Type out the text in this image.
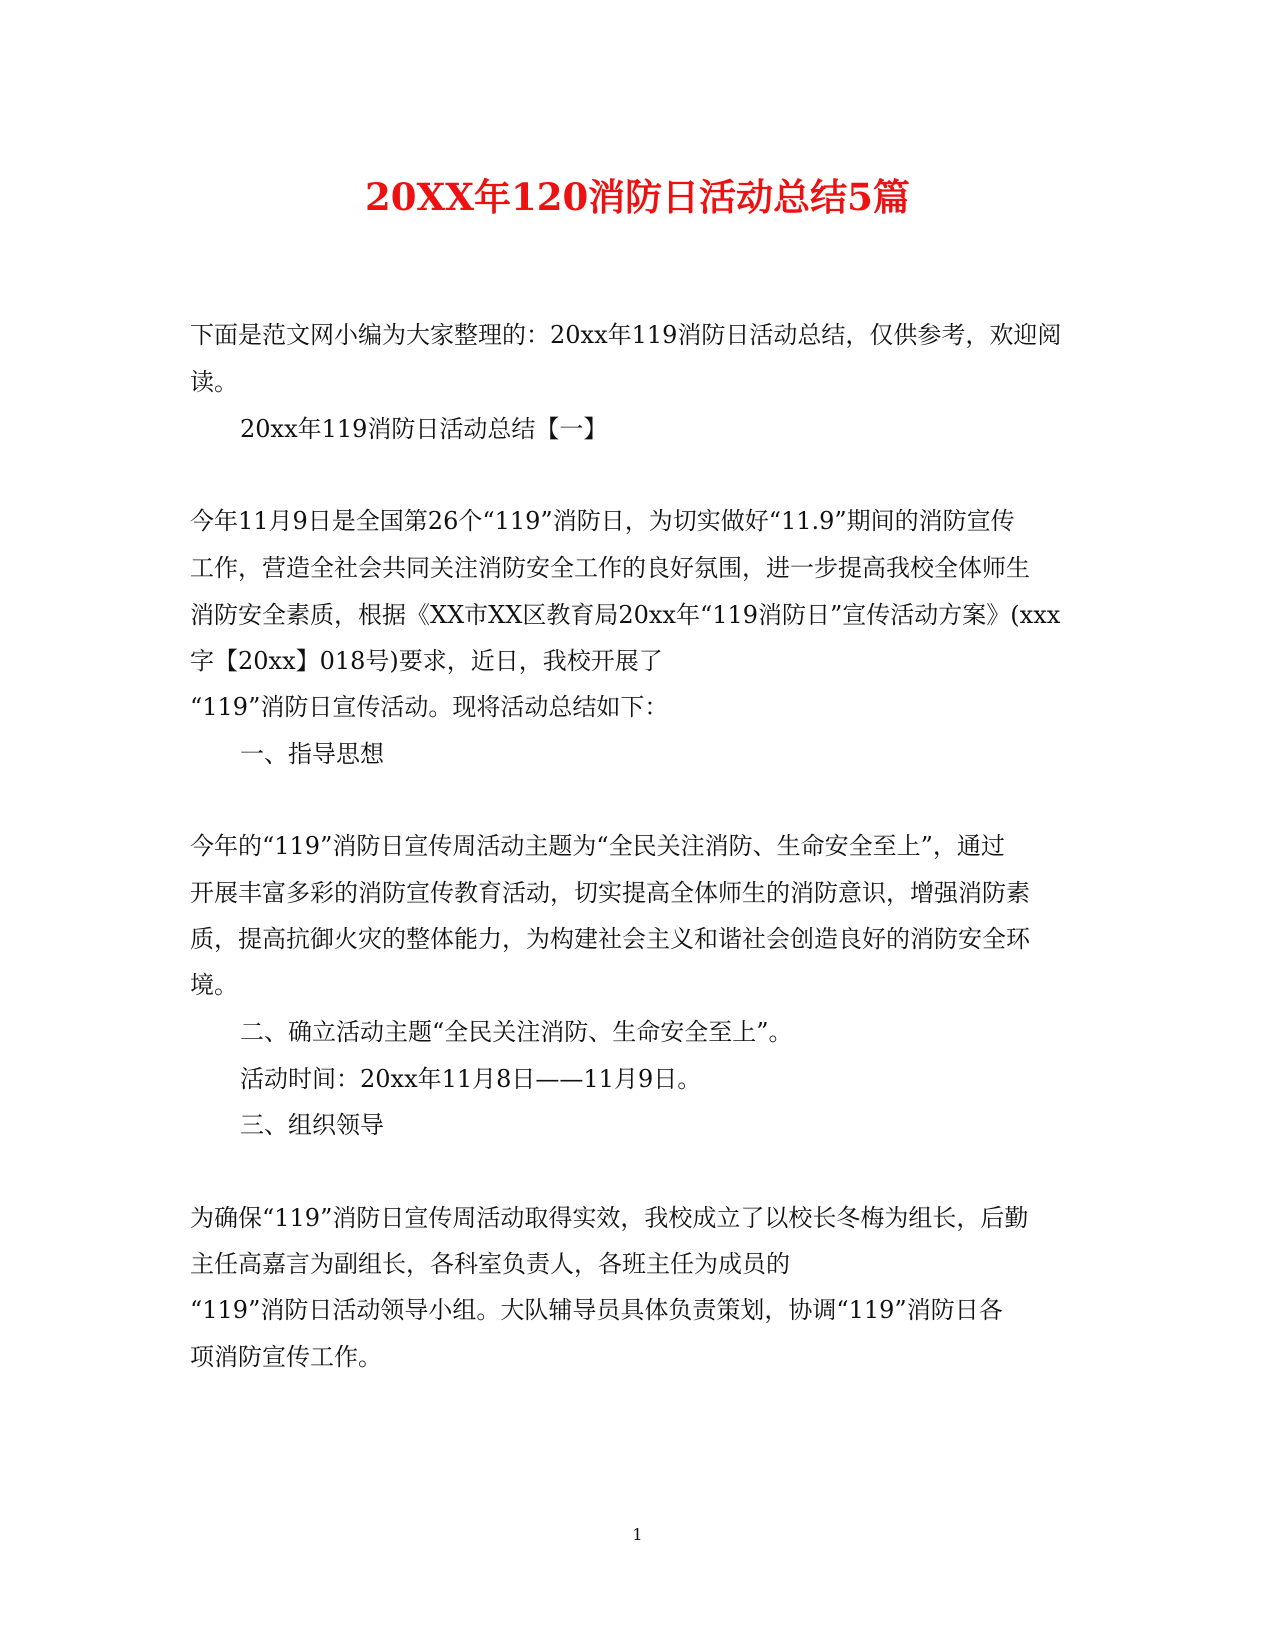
20XX年120消防日活动总结5篇

下面是范文网小编为大家整理的：20xx年119消防日活动总结，仅供参考，欢迎阅

读。

20xx年119消防日活动总结【一】

今年11月9日是全国第26个“119”消防日，为切实做好“11.9”期间的消防宣传

工作，营造全社会共同关注消防安全工作的良好氛围，进一步提高我校全体师生

消防安全素质，根据《XX市XX区教育局20xx年“119消防日”宣传活动方案》(xxx

字【20xx】018号)要求，近日，我校开展了

“119”消防日宣传活动。现将活动总结如下：

一、指导思想

今年的“119”消防日宣传周活动主题为“全民关注消防、生命安全至上”，通过

开展丰富多彩的消防宣传教育活动，切实提高全体师生的消防意识，增强消防素

质，提高抗御火灾的整体能力，为构建社会主义和谐社会创造良好的消防安全环

境。

二、确立活动主题“全民关注消防、生命安全至上”。

活动时间：20xx年11月8日——11月9日。

三、组织领导

为确保“119”消防日宣传周活动取得实效，我校成立了以校长冬梅为组长，后勤

主任高嘉言为副组长，各科室负责人，各班主任为成员的

“119”消防日活动领导小组。大队辅导员具体负责策划，协调“119”消防日各

项消防宣传工作。

1
